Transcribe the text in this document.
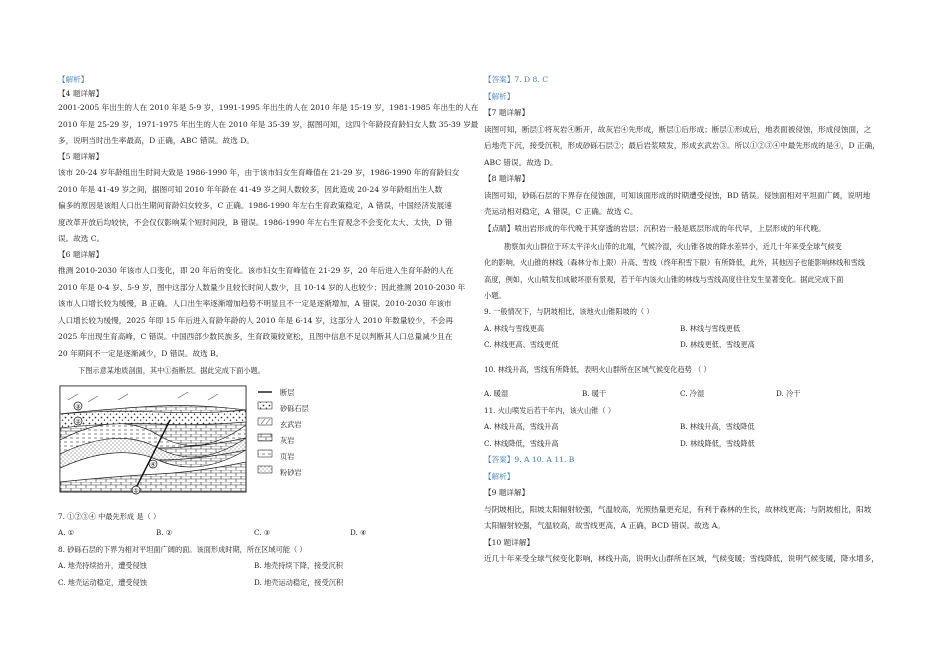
【解析】
【4 题详解】
2001-2005 年出生的人在 2010 年是 5-9 岁，1991-1995 年出生的人在 2010 年是 15-19 岁，1981-1985 年出生的人在
2010 年是 25-29 岁，1971-1975 年出生的人在 2010 年是 35-39 岁，据图可知，这四个年龄段育龄妇女人数 35-39 岁最
多，说明当时出生率最高，D 正确，ABC 错误。故选 D。
【5 题详解】
该市 20-24 岁年龄组出生时间大致是 1986-1990 年，由于该市妇女生育峰值在 21-29 岁，1986-1990 年的育龄妇女
2010 年是 41-49 岁之间，据图可知 2010 年年龄在 41-49 岁之间人数较多，因此造成 20-24 岁年龄组出生人数
偏多的原因是该组人口出生期间育龄妇女较多，C 正确。1986-1990 年左右生育政策稳定，A 错误，中国经济发展速
度改革开放后均较快，不会仅仅影响某个短时间段，B 错误。1986-1990 年左右生育观念不会变化太大、太快，D 错
误。故选 C。
【6 题详解】
推测 2010-2030 年该市人口变化，即 20 年后的变化。该市妇女生育峰值在 21-29 岁，20 年后进入生育年龄的人在
2010 年是 0-4 岁、5-9 岁，图中这部分人数量少且较长时间人数少，且 10-14 岁的人也较少；因此推测 2010-2030 年
该市人口增长较为缓慢，B 正确。人口出生率逐渐增加趋势不明显且不一定是逐渐增加，A 错误。2010-2030 年该市
人口增长较为缓慢，2025 年即 15 年后进入育龄年龄的人 2010 年是 6-14 岁，这部分人 2010 年数量较少，不会再
2025 年出现生育高峰，C 错误。中国西部少数民族多，生育政策较宽松，且图中信息不足以判断其人口总量减少且在
20 年期间不一定是逐渐减少，D 错误。故选 B。
下图示意某地质剖面，其中①指断层。据此完成下面小题。
③
②
④
①
断层
砂砾石层
玄武岩
灰岩
页岩
粉砂岩
7. ①②③④ 中最先形成 是（ ）
A. ①	B. ②	C. ③	D. ④
8. 砂砾石层的下界为相对平坦面广阔的面。该面形成时期，所在区域可能（ ）
A. 地壳持续抬升，遭受侵蚀	B. 地壳持续下降，接受沉积
C. 地壳运动稳定，遭受侵蚀	D. 地壳运动稳定，接受沉积
【答案】7. D 8. C
【解析】
【7 题详解】
读图可知，断层①将灰岩④断开，故灰岩④先形成，断层①后形成；断层①形成后，地表面被侵蚀，形成侵蚀面，之
后地壳下沉，接受沉积，形成砂砾石层②；最后岩浆喷发，形成玄武岩③。所以①②③④中最先形成的是④，D 正确，
ABC 错误。故选 D。
【8 题详解】
读图可知，砂砾石层的下界存在侵蚀面，可知该面形成的时期遭受侵蚀，BD 错误。侵蚀面相对平坦面广阔，说明地
壳运动相对稳定，A 错误，C 正确。故选 C。
【点睛】喷出岩形成的年代晚于其穿透的岩层；沉积岩一般是底层形成的年代早，上层形成的年代晚。
勘察加火山群位于环太平洋火山带的北端，气候冷湿，火山锥各坡的降水差异小，近几十年来受全球气候变
化的影响，火山锥的林线（森林分布上限）升高、雪线（终年积雪下限）有所降低，此外，其他因子也能影响林线和雪线
高度，例如，火山喷发扣成破坏原有景观，若干年内该火山锥的林线与雪线高度往往发生显著变化。据此完成下面
小题。
9. 一般情况下，与阴坡相比，该地火山锥阳坡的（ ）
A. 林线与雪线更高	B. 林线与雪线更低
C. 林线更高、雪线更低	D. 林线更低、雪线更高
10. 林线升高，雪线有所降低，表明火山群所在区域气候变化趋势 （ ）
A. 暖湿	B. 暖干	C. 冷湿	D. 冷干
11. 火山喷发后若干年内，该火山锥（ ）
A. 林线升高，雪线升高	B. 林线升高，雪线降低
C. 林线降低，雪线升高	D. 林线降低，雪线降低
【答案】9. A 10. A 11. B
【解析】
【9 题详解】
与阴坡相比，阳坡太阳辐射较强，气温较高，光照热量更充足，有利于森林的生长，故林线更高；与阴坡相比，阳坡
太阳辐射较强，气温较高，故雪线更高，A 正确，BCD 错误。故选 A。
【10 题详解】
近几十年来受全球气候变化影响，林线升高，说明火山群所在区域，气候变暖；雪线降低，说明气候变暖，降水增多，
